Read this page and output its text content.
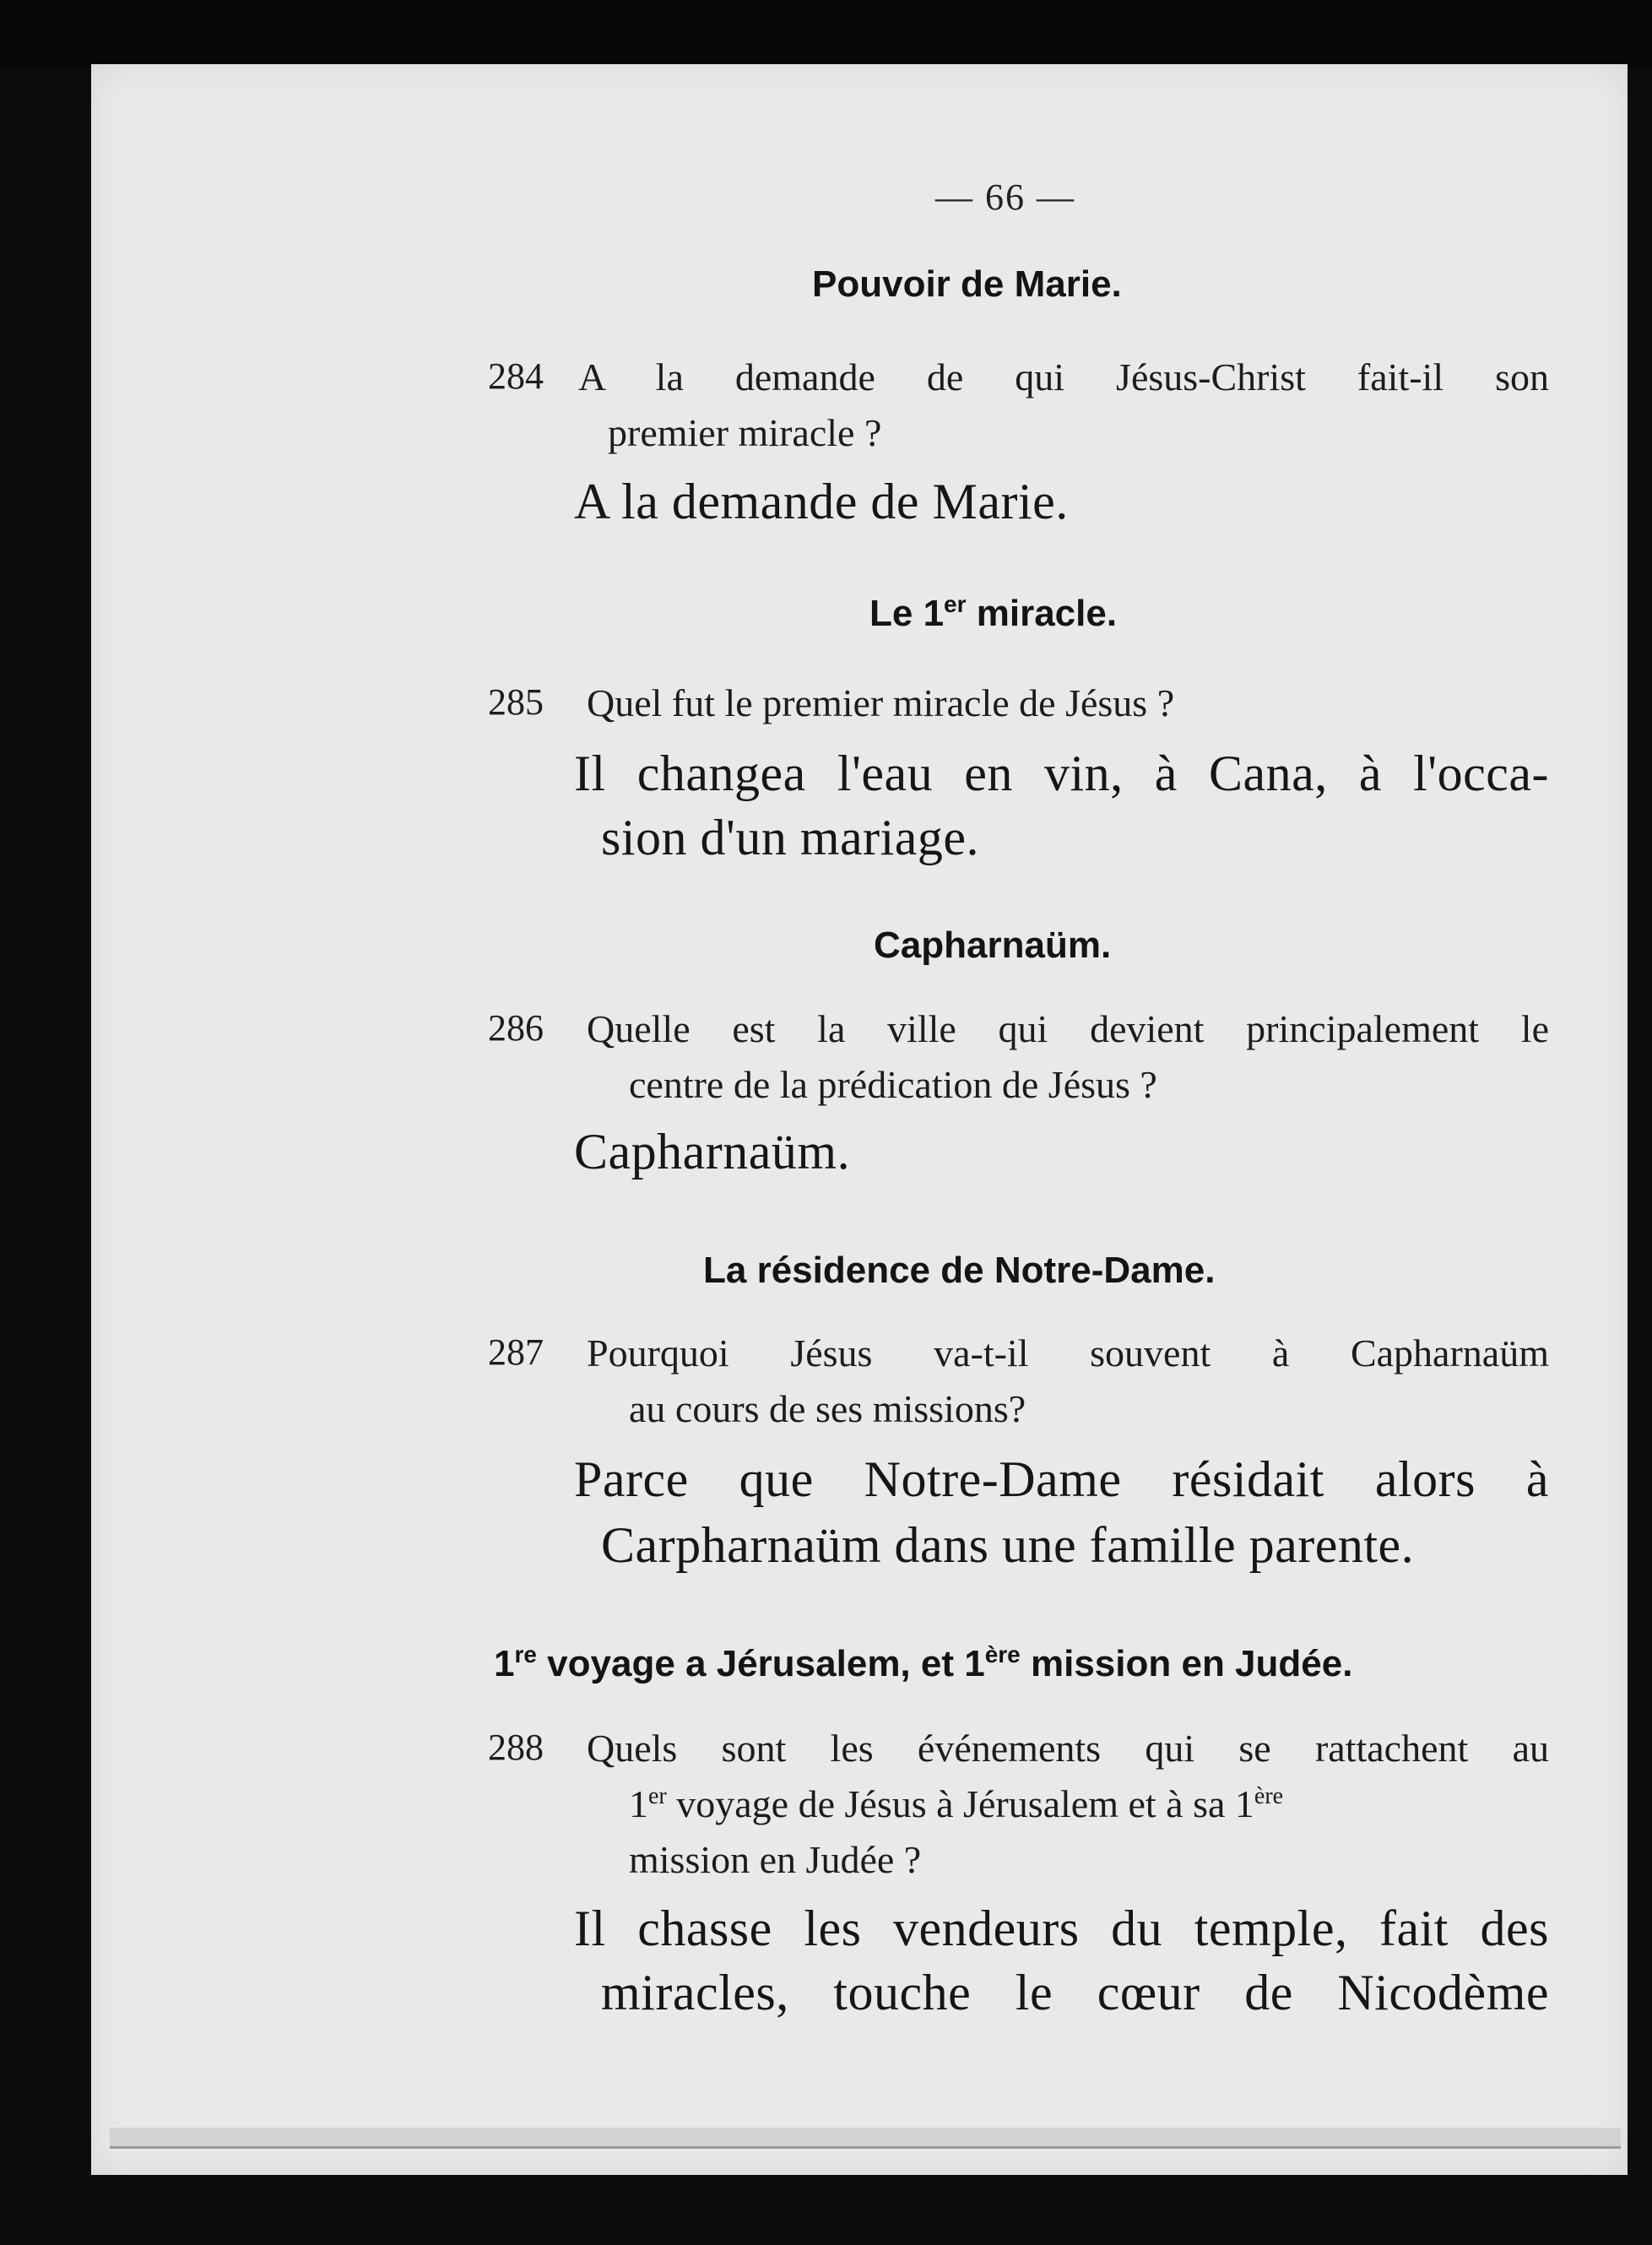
— 66 —
Pouvoir de Marie.
284 A la demande de qui Jésus-Christ fait-il son
premier miracle ?
A la demande de Marie.
Le 1er miracle.
285 Quel fut le premier miracle de Jésus ?
Il changea l'eau en vin, à Cana, à l'occa-
sion d'un mariage.
Capharnaüm.
286 Quelle est la ville qui devient principalement le
centre de la prédication de Jésus ?
Capharnaüm.
La résidence de Notre-Dame.
287 Pourquoi Jésus va-t-il souvent à Capharnaüm
au cours de ses missions?
Parce que Notre-Dame résidait alors à
Carpharnaüm dans une famille parente.
1re voyage a Jérusalem, et 1ère mission en Judée.
288 Quels sont les événements qui se rattachent au
1er voyage de Jésus à Jérusalem et à sa 1ère
mission en Judée ?
Il chasse les vendeurs du temple, fait des
miracles, touche le cœur de Nicodème
